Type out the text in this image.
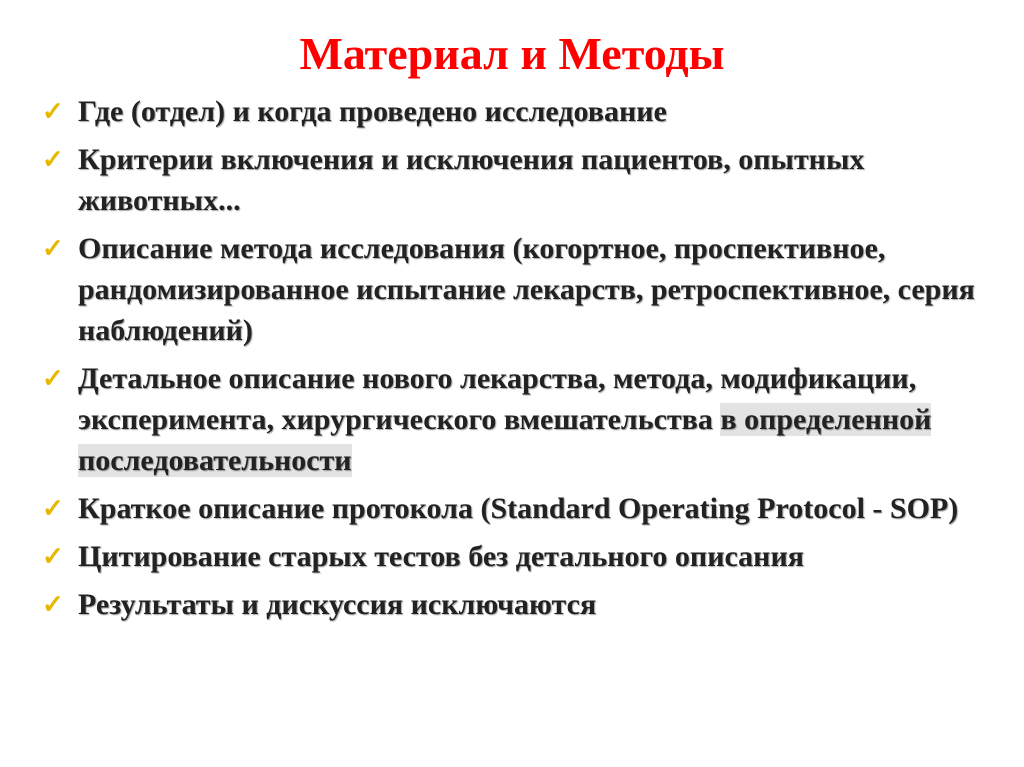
Материал и Методы
✓ Где (отдел) и когда проведено исследование
✓ Критерии включения и исключения пациентов, опытных животных...
✓ Описание метода исследования (когортное, проспективное, рандомизированное испытание лекарств, ретроспективное, серия наблюдений)
✓ Детальное описание нового лекарства, метода, модификации, эксперимента, хирургического вмешательства в определенной последовательности
✓ Краткое описание протокола (Standard Operating Protocol - SOP)
✓ Цитирование старых тестов без детального описания
✓ Результаты и дискуссия исключаются
